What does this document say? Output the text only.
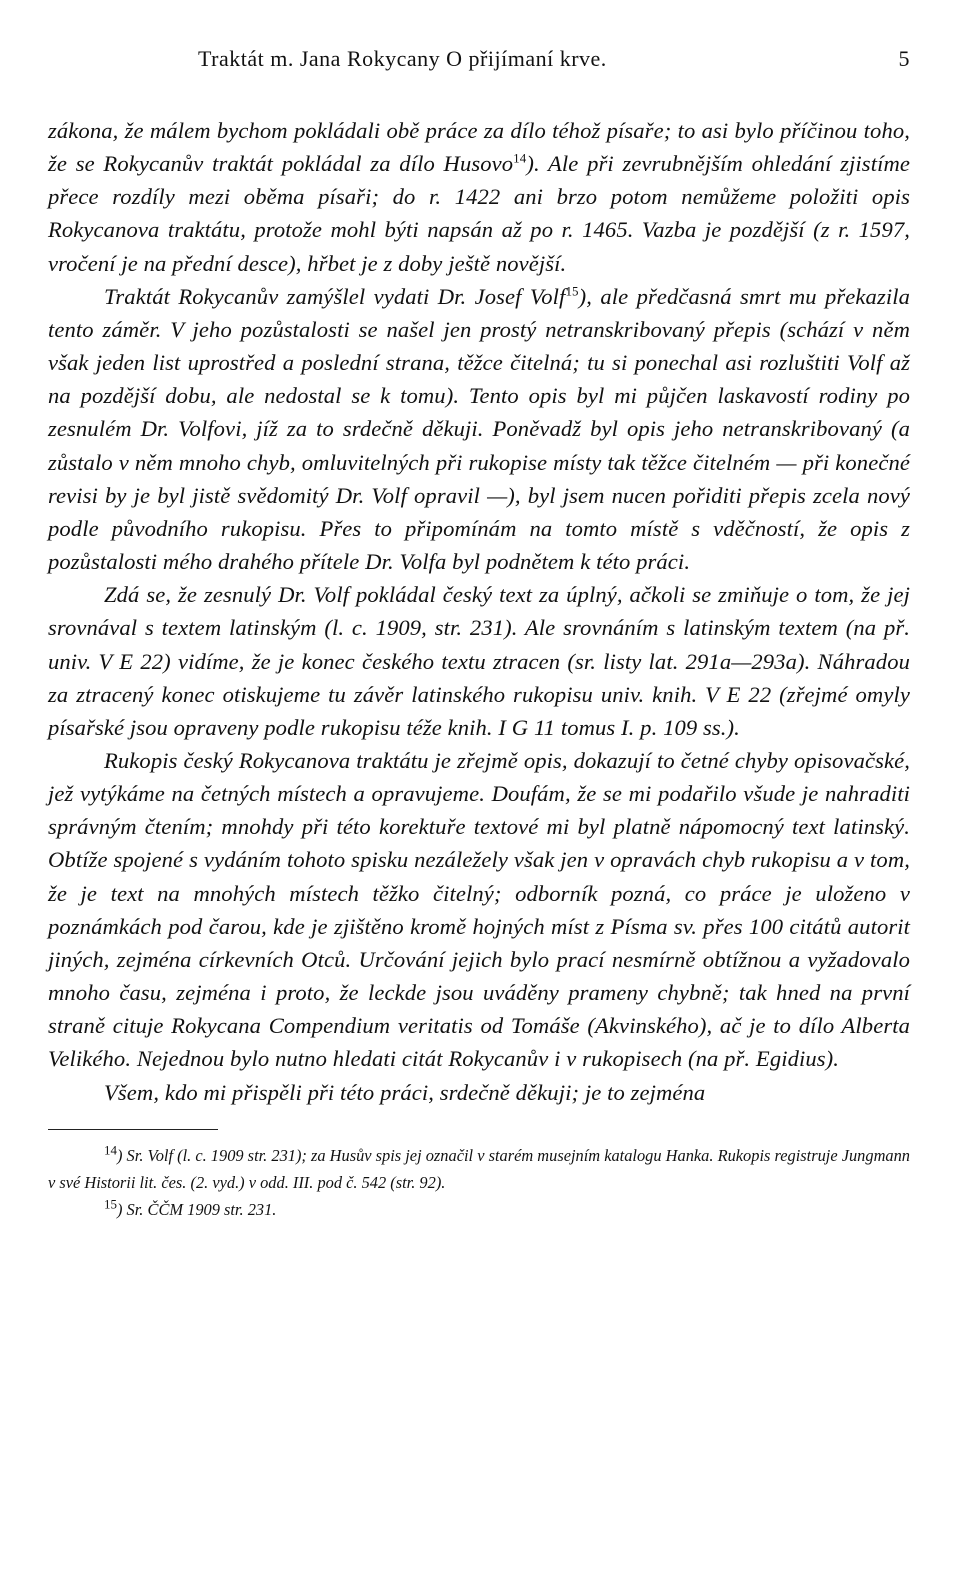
Traktát m. Jana Rokycany O přijímaní krve.	5

zákona, že málem bychom pokládali obě práce za dílo téhož písaře; to asi bylo příčinou toho, že se Rokycanův traktát pokládal za dílo Husovo$^{14}$). Ale při zevrubnějším ohledání zjistíme přece rozdíly mezi oběma písaři; do r. 1422 ani brzo potom nemůžeme položiti opis Rokycanova traktátu, protože mohl býti napsán až po r. 1465. Vazba je pozdější (z r. 1597, vročení je na přední desce), hřbet je z doby ještě novější.

Traktát Rokycanův zamýšlel vydati Dr. Josef Volf$^{15}$), ale předčasná smrt mu překazila tento záměr. V jeho pozůstalosti se našel jen prostý netranskribovaný přepis (schází v něm však jeden list uprostřed a poslední strana, těžce čitelná; tu si ponechal asi rozluštiti Volf až na pozdější dobu, ale nedostal se k tomu). Tento opis byl mi půjčen laskavostí rodiny po zesnulém Dr. Volfovi, jíž za to srdečně děkuji. Poněvadž byl opis jeho netranskribovaný (a zůstalo v něm mnoho chyb, omluvitelných při rukopise místy tak těžce čitelném — při konečné revisi by je byl jistě svědomitý Dr. Volf opravil —), byl jsem nucen pořiditi přepis zcela nový podle původního rukopisu. Přes to připomínám na tomto místě s vděčností, že opis z pozůstalosti mého drahého přítele Dr. Volfa byl podnětem k této práci.

Zdá se, že zesnulý Dr. Volf pokládal český text za úplný, ačkoli se zmiňuje o tom, že jej srovnával s textem latinským (l. c. 1909, str. 231). Ale srovnáním s latinským textem (na př. univ. V E 22) vidíme, že je konec českého textu ztracen (sr. listy lat. 291a—293a). Náhradou za ztracený konec otiskujeme tu závěr latinského rukopisu univ. knih. V E 22 (zřejmé omyly písařské jsou opraveny podle rukopisu téže knih. I G 11 tomus I. p. 109 ss.).

Rukopis český Rokycanova traktátu je zřejmě opis, dokazují to četné chyby opisovačské, jež vytýkáme na četných místech a opravujeme. Doufám, že se mi podařilo všude je nahraditi správným čtením; mnohdy při této korektuře textové mi byl platně nápomocný text latinský. Obtíže spojené s vydáním tohoto spisku nezáležely však jen v opravách chyb rukopisu a v tom, že je text na mnohých místech těžko čitelný; odborník pozná, co práce je uloženo v poznámkách pod čarou, kde je zjištěno kromě hojných míst z Písma sv. přes 100 citátů autorit jiných, zejména církevních Otců. Určování jejich bylo prací nesmírně obtížnou a vyžadovalo mnoho času, zejména i proto, že leckde jsou uváděny prameny chybně; tak hned na první straně cituje Rokycana Compendium veritatis od Tomáše (Akvinského), ač je to dílo Alberta Velikého. Nejednou bylo nutno hledati citát Rokycanův i v rukopisech (na př. Egidius).

Všem, kdo mi přispěli při této práci, srdečně děkuji; je to zejména

$^{14}$) Sr. Volf (l. c. 1909 str. 231); za Husův spis jej označil v starém musejním katalogu Hanka. Rukopis registruje Jungmann v své Historii lit. čes. (2. vyd.) v odd. III. pod č. 542 (str. 92).

$^{15}$) Sr. ČČM 1909 str. 231.
